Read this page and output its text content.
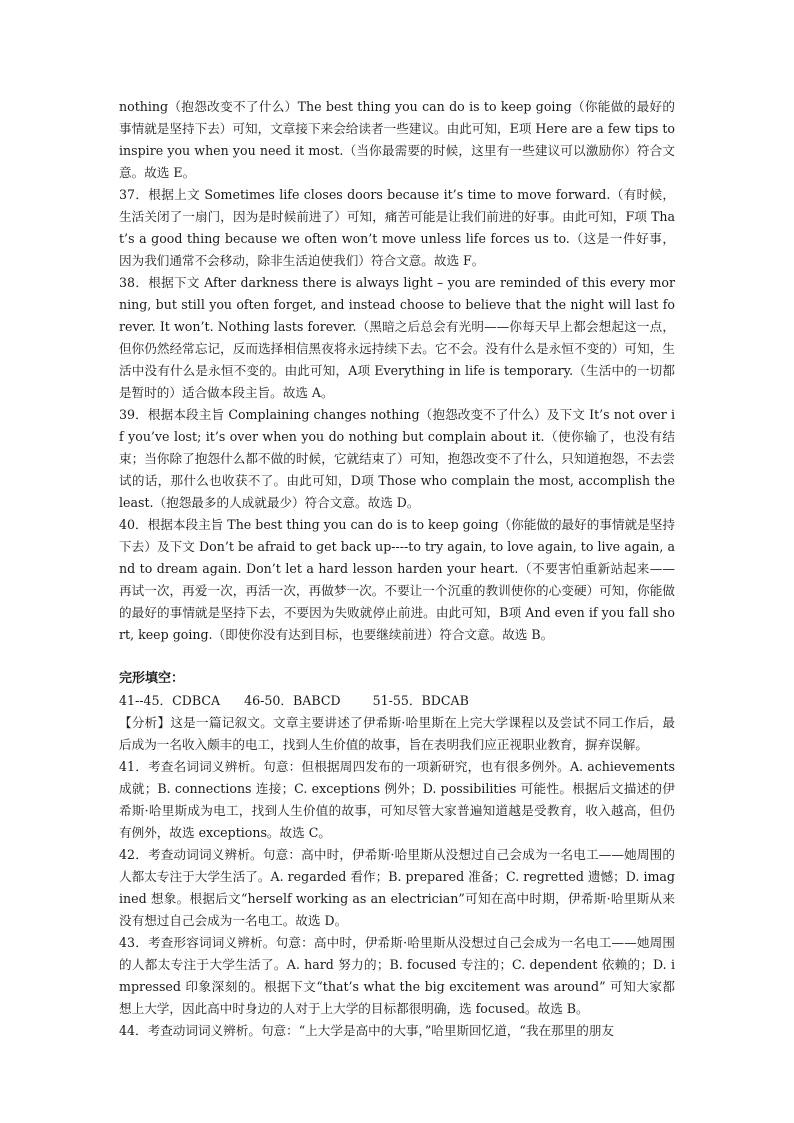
nothing（抱怨改变不了什么）The best thing you can do is to keep going（你能做的最好的事情就是坚持下去）可知，文章接下来会给读者一些建议。由此可知，E项 Here are a few tips to inspire you when you need it most.（当你最需要的时候，这里有一些建议可以激励你）符合文意。故选 E。

37．根据上文 Sometimes life closes doors because it’s time to move forward.（有时候，生活关闭了一扇门，因为是时候前进了）可知，痛苦可能是让我们前进的好事。由此可知，F项 That’s a good thing because we often won’t move unless life forces us to.（这是一件好事，因为我们通常不会移动，除非生活迫使我们）符合文意。故选 F。

38．根据下文 After darkness there is always light – you are reminded of this every morning, but still you often forget, and instead choose to believe that the night will last forever. It won’t. Nothing lasts forever.（黑暗之后总会有光明——你每天早上都会想起这一点，但你仍然经常忘记，反而选择相信黑夜将永远持续下去。它不会。没有什么是永恒不变的）可知，生活中没有什么是永恒不变的。由此可知，A项 Everything in life is temporary.（生活中的一切都是暂时的）适合做本段主旨。故选 A。

39．根据本段主旨 Complaining changes nothing（抱怨改变不了什么）及下文 It’s not over if you’ve lost; it’s over when you do nothing but complain about it.（使你输了，也没有结束；当你除了抱怨什么都不做的时候，它就结束了）可知，抱怨改变不了什么，只知道抱怨，不去尝试的话，那什么也收获不了。由此可知，D项 Those who complain the most, accomplish the least.（抱怨最多的人成就最少）符合文意。故选 D。

40．根据本段主旨 The best thing you can do is to keep going（你能做的最好的事情就是坚持下去）及下文 Don’t be afraid to get back up----to try again, to love again, to live again, and to dream again. Don’t let a hard lesson harden your heart.（不要害怕重新站起来——再试一次，再爱一次，再活一次，再做梦一次。不要让一个沉重的教训使你的心变硬）可知，你能做的最好的事情就是坚持下去，不要因为失败就停止前进。由此可知，B项 And even if you fall short, keep going.（即使你没有达到目标，也要继续前进）符合文意。故选 B。

完形填空：

41--45．CDBCA      46-50．BABCD        51-55．BDCAB

【分析】这是一篇记叙文。文章主要讲述了伊希斯·哈里斯在上完大学课程以及尝试不同工作后，最后成为一名收入颇丰的电工，找到人生价值的故事，旨在表明我们应正视职业教育，摒弃误解。

41．考查名词词义辨析。句意：但根据周四发布的一项新研究，也有很多例外。A. achievements 成就；B. connections 连接；C. exceptions 例外；D. possibilities 可能性。根据后文描述的伊希斯·哈里斯成为电工，找到人生价值的故事，可知尽管大家普遍知道越是受教育，收入越高，但仍有例外，故选 exceptions。故选 C。

42．考查动词词义辨析。句意：高中时，伊希斯·哈里斯从没想过自己会成为一名电工——她周围的人都太专注于大学生活了。A. regarded 看作；B. prepared 准备；C. regretted 遗憾；D. imagined 想象。根据后文“herself working as an electrician”可知在高中时期，伊希斯·哈里斯从来没有想过自己会成为一名电工。故选 D。

43．考查形容词词义辨析。句意：高中时，伊希斯·哈里斯从没想过自己会成为一名电工——她周围的人都太专注于大学生活了。A. hard 努力的；B. focused 专注的；C. dependent 依赖的；D. impressed 印象深刻的。根据下文“that’s what the big excitement was around” 可知大家都想上大学，因此高中时身边的人对于上大学的目标都很明确，选 focused。故选 B。

44．考查动词词义辨析。句意：“上大学是高中的大事，”哈里斯回忆道，“我在那里的朋友
